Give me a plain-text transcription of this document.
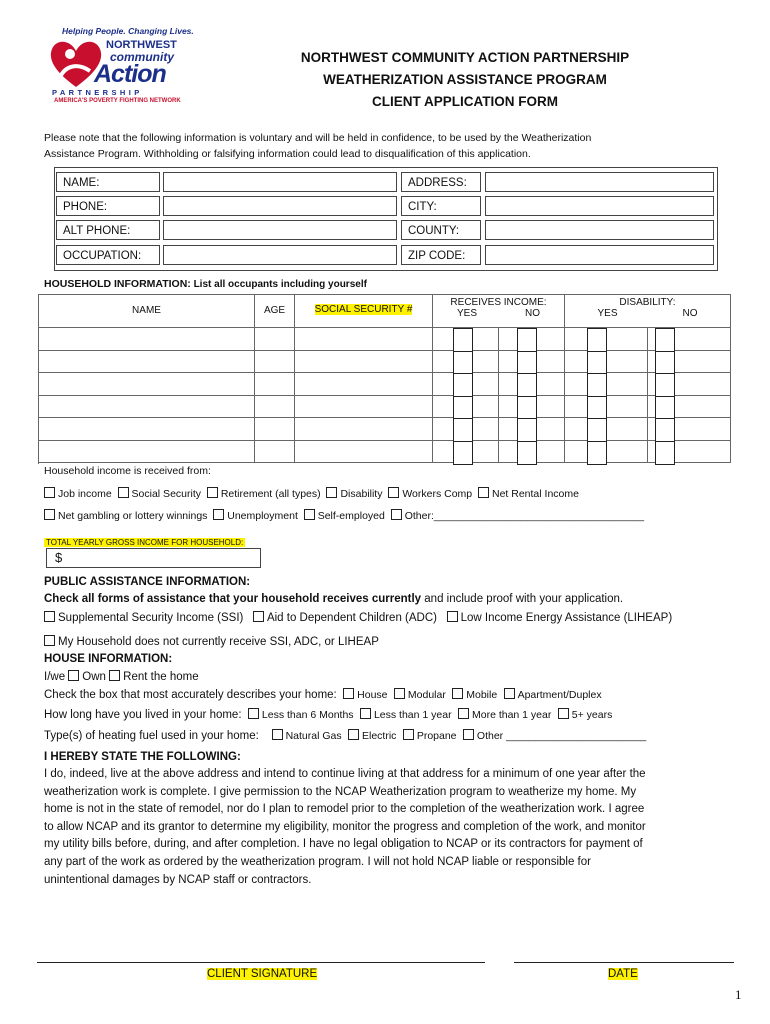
Helping People. Changing Lives.
NORTHWEST
community
Action
PARTNERSHIP
AMERICA'S POVERTY FIGHTING NETWORK
NORTHWEST COMMUNITY ACTION PARTNERSHIP
WEATHERIZATION ASSISTANCE PROGRAM
CLIENT APPLICATION FORM
Please note that the following information is voluntary and will be held in confidence, to be used by the Weatherization
Assistance Program. Withholding or falsifying information could lead to disqualification of this application.
NAME:	ADDRESS:
PHONE:	CITY:
ALT PHONE:	COUNTY:
OCCUPATION:	ZIP CODE:
HOUSEHOLD INFORMATION: List all occupants including yourself
NAME	AGE	SOCIAL SECURITY #
RECEIVES INCOME:
YES	NO
DISABILITY:
YES	NO
Household income is received from:
Job income Social Security Retirement (all types) Disability Workers Comp Net Rental Income
Net gambling or lottery winnings Unemployment Self-employed Other:____________________________________
TOTAL YEARLY GROSS INCOME FOR HOUSEHOLD:
$
PUBLIC ASSISTANCE INFORMATION:
Check all forms of assistance that your household receives currently and include proof with your application.
Supplemental Security Income (SSI) Aid to Dependent Children (ADC) Low Income Energy Assistance (LIHEAP)
My Household does not currently receive SSI, ADC, or LIHEAP
HOUSE INFORMATION:
I/we Own Rent the home
Check the box that most accurately describes your home: House Modular Mobile Apartment/Duplex
How long have you lived in your home: Less than 6 Months Less than 1 year More than 1 year 5+ years
Type(s) of heating fuel used in your home:	Natural Gas Electric Propane Other ________________________
I HEREBY STATE THE FOLLOWING:
I do, indeed, live at the above address and intend to continue living at that address for a minimum of one year after the
weatherization work is complete. I give permission to the NCAP Weatherization program to weatherize my home. My
home is not in the state of remodel, nor do I plan to remodel prior to the completion of the weatherization work. I agree
to allow NCAP and its grantor to determine my eligibility, monitor the progress and completion of the work, and monitor
my utility bills before, during, and after completion. I have no legal obligation to NCAP or its contractors for payment of
any part of the work as ordered by the weatherization program. I will not hold NCAP liable or responsible for
unintentional damages by NCAP staff or contractors.
CLIENT SIGNATURE	DATE
1
